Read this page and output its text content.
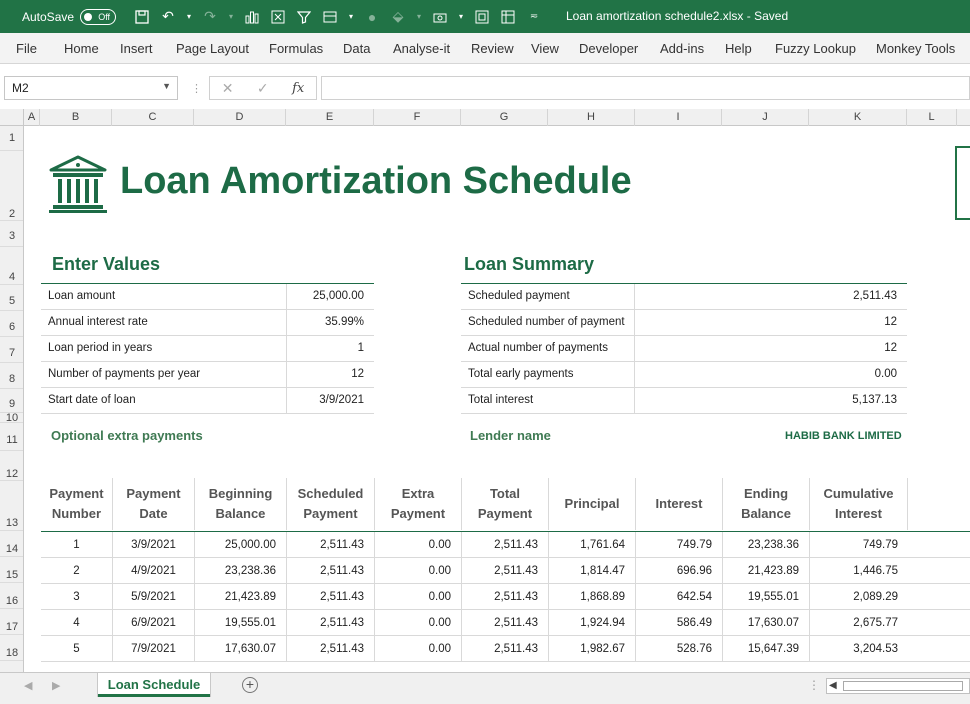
AutoSave	Off	↶ ▾ ↷ ▾	▾ ● ⬙	▾	▾	≂	Loan amortization schedule2.xlsx - Saved
File Home Insert Page Layout Formulas Data Analyse-it Review View Developer Add-ins Help Fuzzy Lookup Monkey Tools
M2	▼ ⋮ ✕ ✓ fx
A	B	C	D	E	F	G	H	I	J	K	L
1
2
3
4
5
6
7
8
9
10
11
12
13
14
15
16
17
18
Loan Amortization Schedule
Enter Values
Loan amount	25,000.00
Annual interest rate	35.99%
Loan period in years	1
Number of payments per year	12
Start date of loan	3/9/2021
Optional extra payments
Loan Summary
Scheduled payment	2,511.43
Scheduled number of payment	12
Actual number of payments	12
Total early payments	0.00
Total interest	5,137.13
Lender name	HABIB BANK LIMITED
Payment
Number
Payment
Date
Beginning
Balance
Scheduled
Payment
Extra
Payment
Total
Payment
Principal	Interest
Ending
Balance
Cumulative
Interest
1	3/9/2021	25,000.00	2,511.43	0.00	2,511.43	1,761.64	749.79	23,238.36	749.79
2	4/9/2021	23,238.36	2,511.43	0.00	2,511.43	1,814.47	696.96	21,423.89	1,446.75
3	5/9/2021	21,423.89	2,511.43	0.00	2,511.43	1,868.89	642.54	19,555.01	2,089.29
4	6/9/2021	19,555.01	2,511.43	0.00	2,511.43	1,924.94	586.49	17,630.07	2,675.77
5	7/9/2021	17,630.07	2,511.43	0.00	2,511.43	1,982.67	528.76	15,647.39	3,204.53
◀ ▶	Loan Schedule	+	⋮ ◀
